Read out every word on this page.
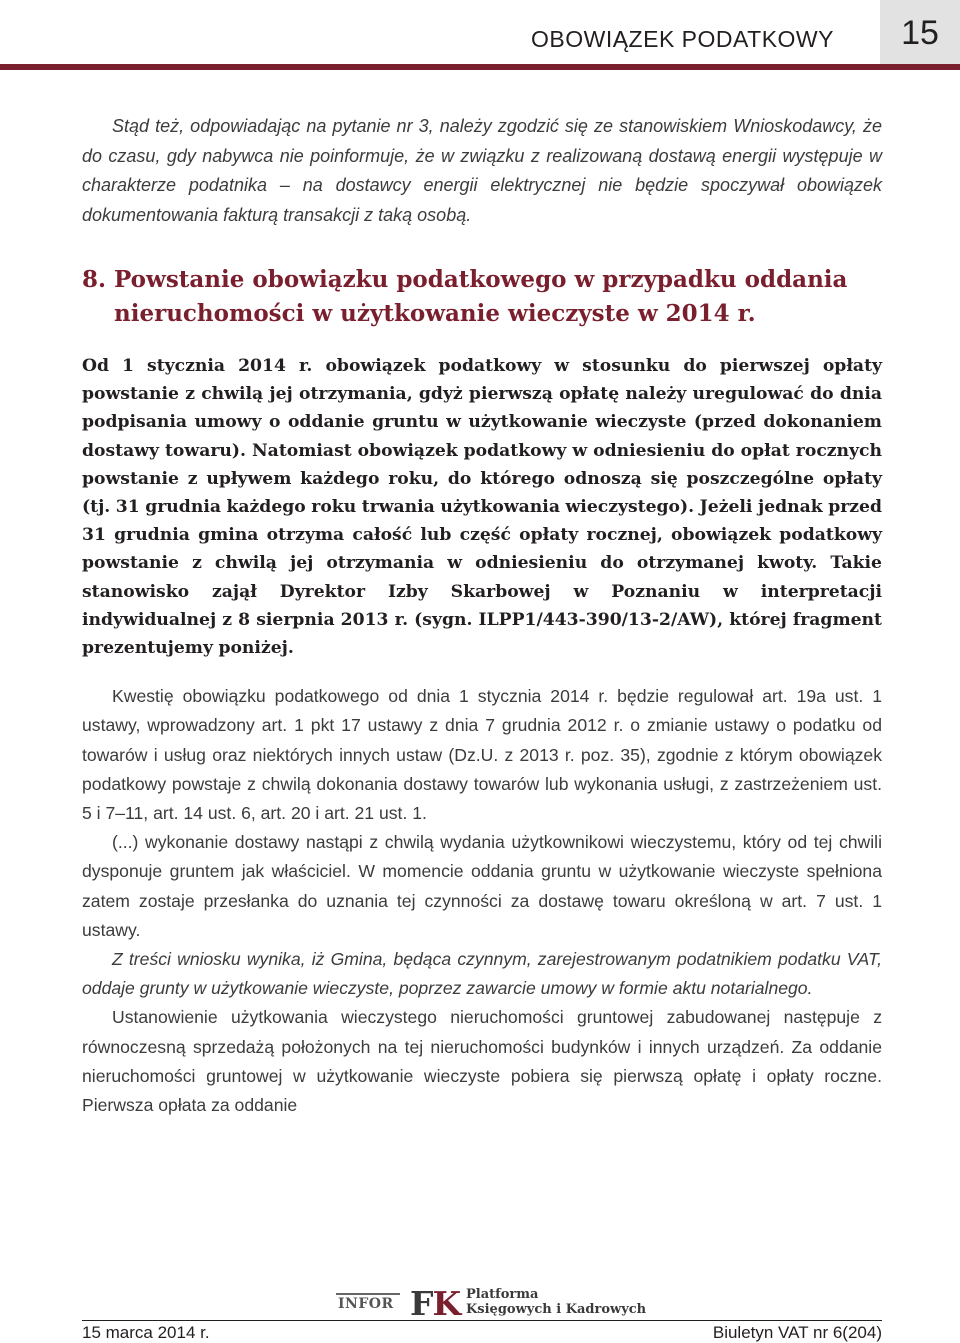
OBOWIĄZEK PODATKOWY	15

Stąd też, odpowiadając na pytanie nr 3, należy zgodzić się ze stanowiskiem Wnioskodawcy, że do czasu, gdy nabywca nie poinformuje, że w związku z realizowaną dostawą energii występuje w charakterze podatnika – na dostawcy energii elektrycznej nie będzie spoczywał obowiązek dokumentowania fakturą transakcji z taką osobą.

8. Powstanie obowiązku podatkowego w przypadku oddania nieruchomości w użytkowanie wieczyste w 2014 r.

Od 1 stycznia 2014 r. obowiązek podatkowy w stosunku do pierwszej opłaty powstanie z chwilą jej otrzymania, gdyż pierwszą opłatę należy uregulować do dnia podpisania umowy o oddanie gruntu w użytkowanie wieczyste (przed dokonaniem dostawy towaru). Natomiast obowiązek podatkowy w odniesieniu do opłat rocznych powstanie z upływem każdego roku, do którego odnoszą się poszczególne opłaty (tj. 31 grudnia każdego roku trwania użytkowania wieczystego). Jeżeli jednak przed 31 grudnia gmina otrzyma całość lub część opłaty rocznej, obowiązek podatkowy powstanie z chwilą jej otrzymania w odniesieniu do otrzymanej kwoty. Takie stanowisko zajął Dyrektor Izby Skarbowej w Poznaniu w interpretacji indywidualnej z 8 sierpnia 2013 r. (sygn. ILPP1/443-390/13-2/AW), której fragment prezentujemy poniżej.

Kwestię obowiązku podatkowego od dnia 1 stycznia 2014 r. będzie regulował art. 19a ust. 1 ustawy, wprowadzony art. 1 pkt 17 ustawy z dnia 7 grudnia 2012 r. o zmianie ustawy o podatku od towarów i usług oraz niektórych innych ustaw (Dz.U. z 2013 r. poz. 35), zgodnie z którym obowiązek podatkowy powstaje z chwilą dokonania dostawy towarów lub wykonania usługi, z zastrzeżeniem ust. 5 i 7–11, art. 14 ust. 6, art. 20 i art. 21 ust. 1.

(...) wykonanie dostawy nastąpi z chwilą wydania użytkownikowi wieczystemu, który od tej chwili dysponuje gruntem jak właściciel. W momencie oddania gruntu w użytkowanie wieczyste spełniona zatem zostaje przesłanka do uznania tej czynności za dostawę towaru określoną w art. 7 ust. 1 ustawy.

Z treści wniosku wynika, iż Gmina, będąca czynnym, zarejestrowanym podatnikiem podatku VAT, oddaje grunty w użytkowanie wieczyste, poprzez zawarcie umowy w formie aktu notarialnego.

Ustanowienie użytkowania wieczystego nieruchomości gruntowej zabudowanej następuje z równoczesną sprzedażą położonych na tej nieruchomości budynków i innych urządzeń. Za oddanie nieruchomości gruntowej w użytkowanie wieczyste pobiera się pierwszą opłatę i opłaty roczne. Pierwsza opłata za oddanie

INFOR FK Platforma
Księgowych i Kadrowych
15 marca 2014 r.	Biuletyn VAT nr 6(204)
